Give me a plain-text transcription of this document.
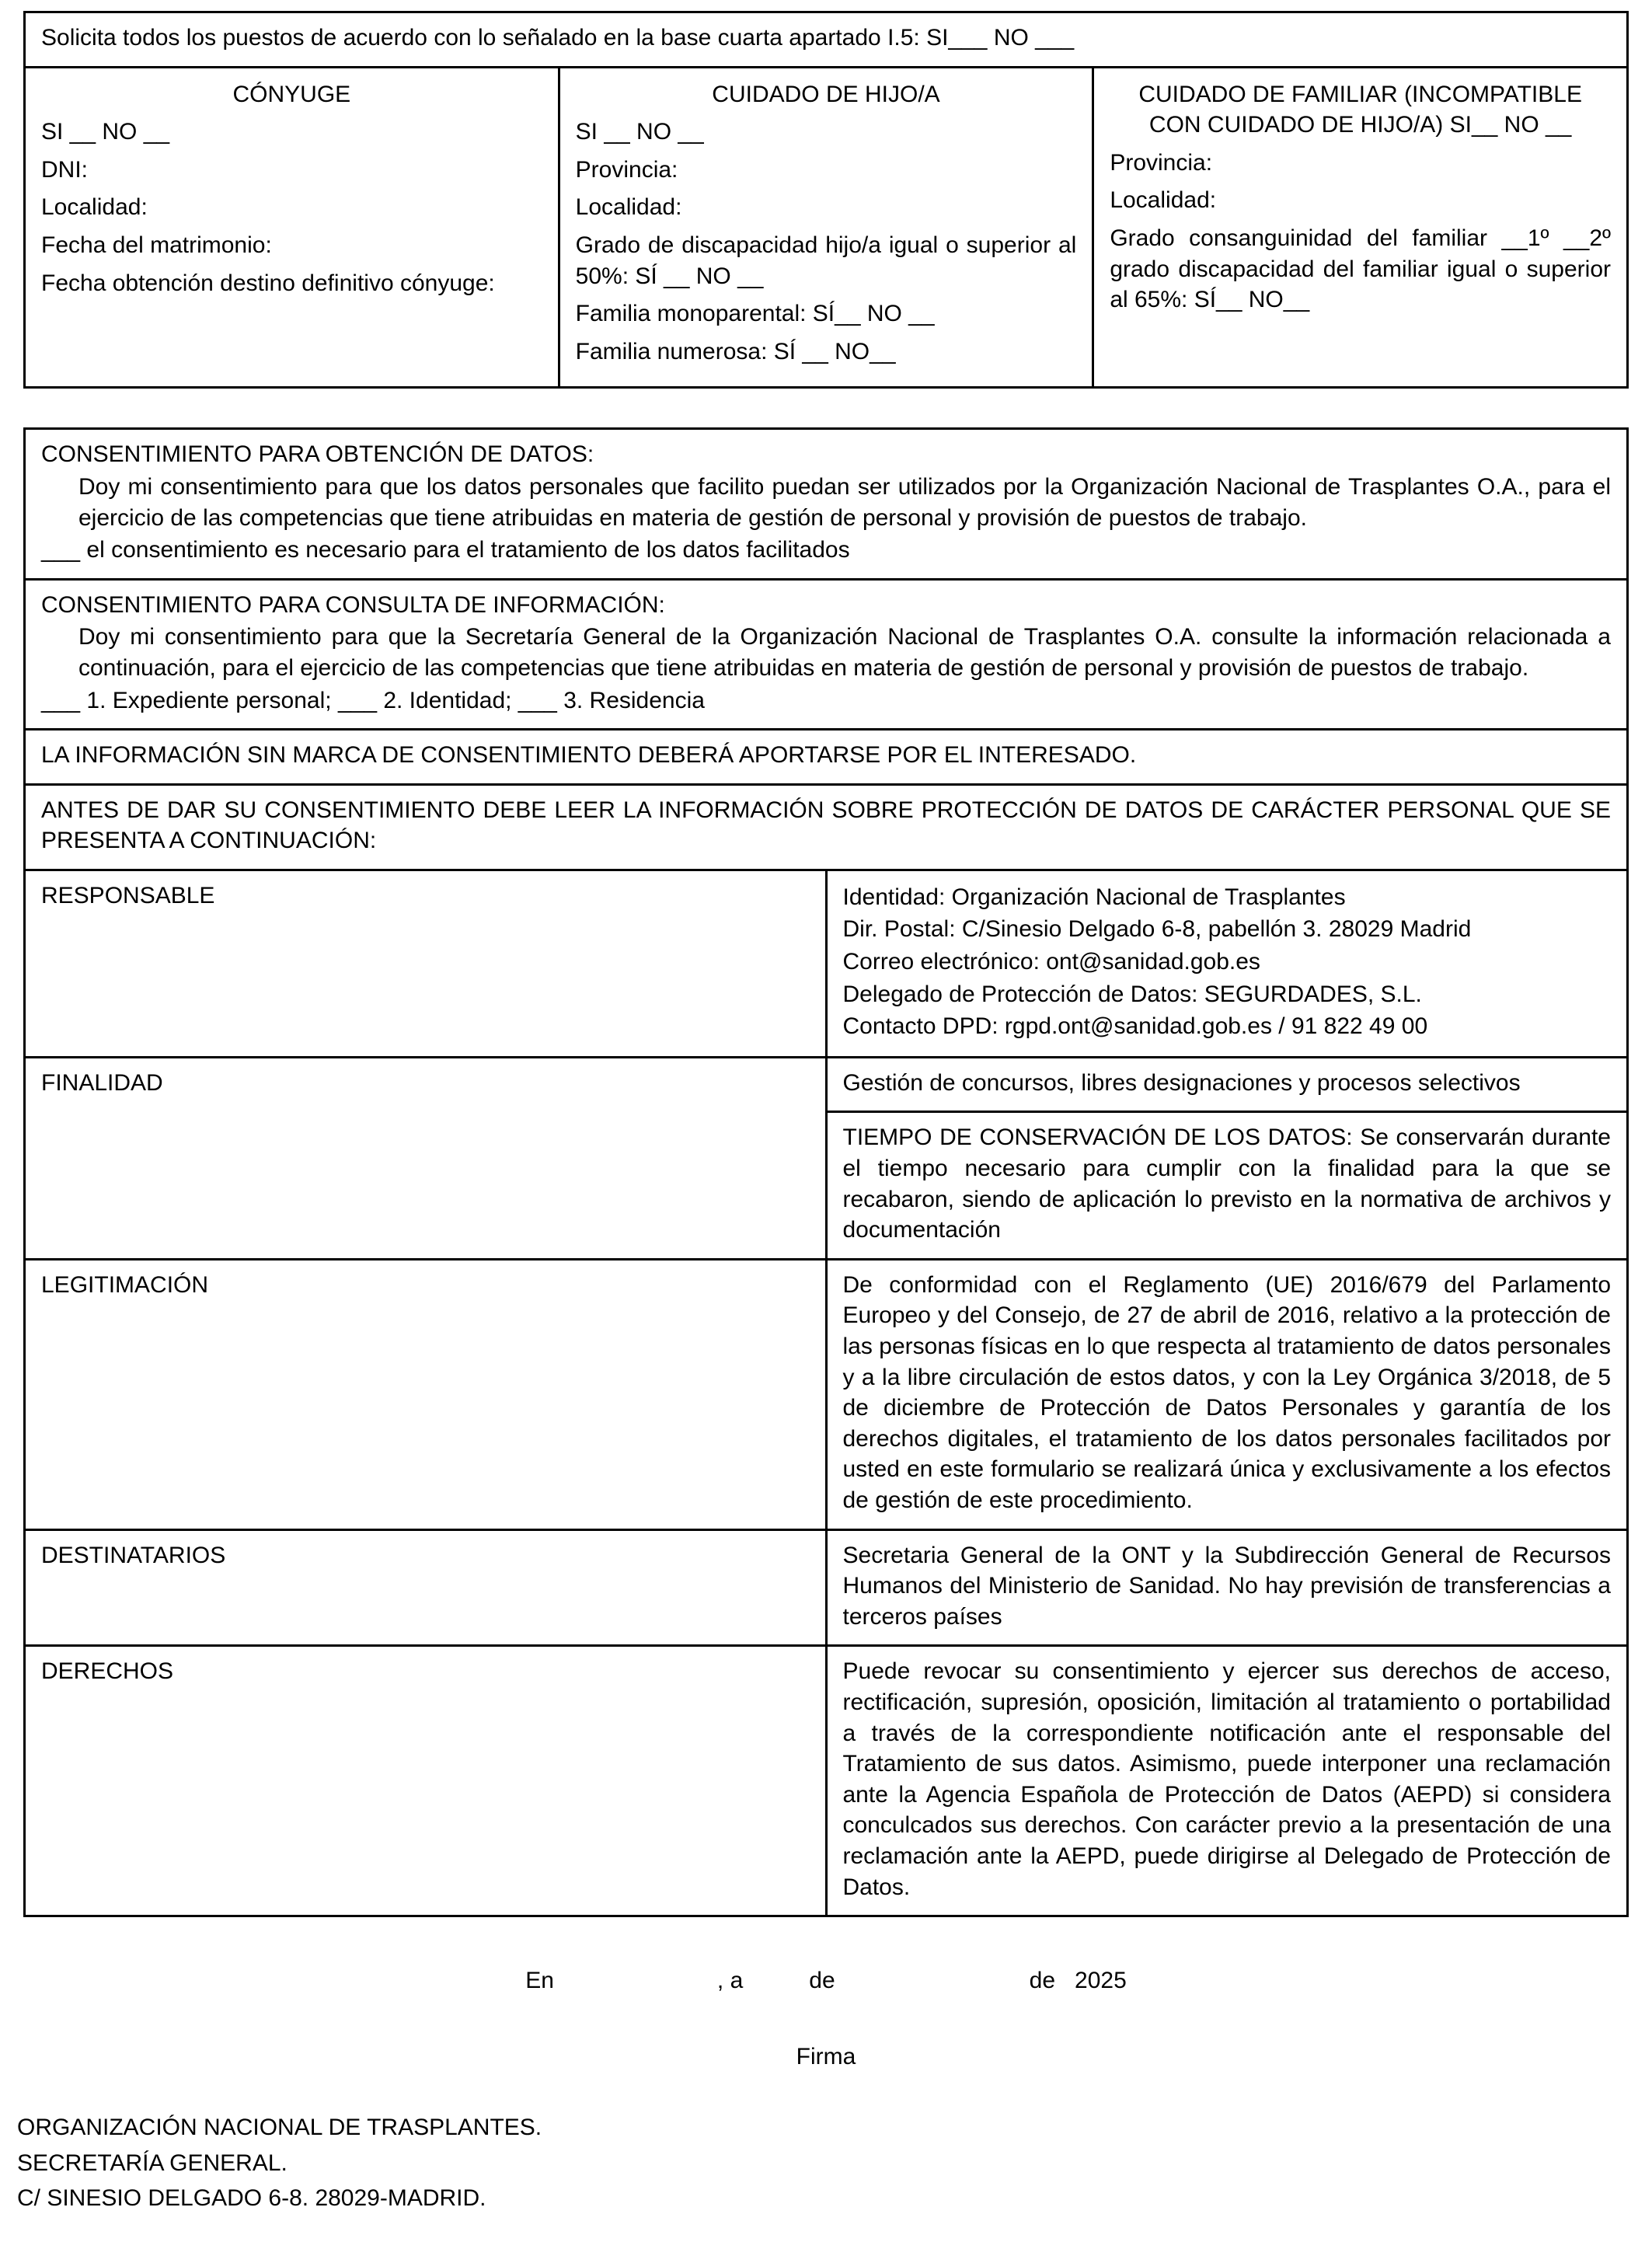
Solicita todos los puestos de acuerdo con lo señalado en la base cuarta apartado I.5: SI___ NO ___

CÓNYUGE
SI __ NO __
DNI:
Localidad:
Fecha del matrimonio:
Fecha obtención destino definitivo cónyuge:

CUIDADO DE HIJO/A
SI __ NO __
Provincia:
Localidad:
Grado de discapacidad hijo/a igual o superior al 50%: SÍ __ NO __
Familia monoparental: SÍ__ NO __
Familia numerosa: SÍ __ NO__

CUIDADO DE FAMILIAR (INCOMPATIBLE CON CUIDADO DE HIJO/A) SI__ NO __
Provincia:
Localidad:
Grado consanguinidad del familiar __1º __2º grado discapacidad del familiar igual o superior al 65%: SÍ__ NO__
CONSENTIMIENTO PARA OBTENCIÓN DE DATOS:
Doy mi consentimiento para que los datos personales que facilito puedan ser utilizados por la Organización Nacional de Trasplantes O.A., para el ejercicio de las competencias que tiene atribuidas en materia de gestión de personal y provisión de puestos de trabajo.
___ el consentimiento es necesario para el tratamiento de los datos facilitados	

CONSENTIMIENTO PARA CONSULTA DE INFORMACIÓN:
Doy mi consentimiento para que la Secretaría General de la Organización Nacional de Trasplantes O.A. consulte la información relacionada a continuación, para el ejercicio de las competencias que tiene atribuidas en materia de gestión de personal y provisión de puestos de trabajo.
___ 1. Expediente personal; ___ 2. Identidad; ___ 3. Residencia	

LA INFORMACIÓN SIN MARCA DE CONSENTIMIENTO DEBERÁ APORTARSE POR EL INTERESADO.	
ANTES DE DAR SU CONSENTIMIENTO DEBE LEER LA INFORMACIÓN SOBRE PROTECCIÓN DE DATOS DE CARÁCTER PERSONAL QUE SE PRESENTA A CONTINUACIÓN:	
RESPONSABLE	Identidad: Organización Nacional de Trasplantes
Dir. Postal: C/Sinesio Delgado 6-8, pabellón 3. 28029 Madrid
Correo electrónico: ont@sanidad.gob.es
Delegado de Protección de Datos: SEGURDADES, S.L.
Contacto DPD: rgpd.ont@sanidad.gob.es / 91 822 49 00

FINALIDAD	Gestión de concursos, libres designaciones y procesos selectivos
	TIEMPO DE CONSERVACIÓN DE LOS DATOS: Se conservarán durante el tiempo necesario para cumplir con la finalidad para la que se recabaron, siendo de aplicación lo previsto en la normativa de archivos y documentación
LEGITIMACIÓN	De conformidad con el Reglamento (UE) 2016/679 del Parlamento Europeo y del Consejo, de 27 de abril de 2016, relativo a la protección de las personas físicas en lo que respecta al tratamiento de datos personales y a la libre circulación de estos datos, y con la Ley Orgánica 3/2018, de 5 de diciembre de Protección de Datos Personales y garantía de los derechos digitales, el tratamiento de los datos personales facilitados por usted en este formulario se realizará única y exclusivamente a los efectos de gestión de este procedimiento.
DESTINATARIOS	Secretaria General de la ONT y la Subdirección General de Recursos Humanos del Ministerio de Sanidad. No hay previsión de transferencias a terceros países
DERECHOS	Puede revocar su consentimiento y ejercer sus derechos de acceso, rectificación, supresión, oposición, limitación al tratamiento o portabilidad a través de la correspondiente notificación ante el responsable del Tratamiento de sus datos. Asimismo, puede interponer una reclamación ante la Agencia Española de Protección de Datos (AEPD) si considera conculcados sus derechos. Con carácter previo a la presentación de una reclamación ante la AEPD, puede dirigirse al Delegado de Protección de Datos.
En	, a	de	de 2025
Firma
ORGANIZACIÓN NACIONAL DE TRASPLANTES.
SECRETARÍA GENERAL.
C/ SINESIO DELGADO 6-8. 28029-MADRID.
